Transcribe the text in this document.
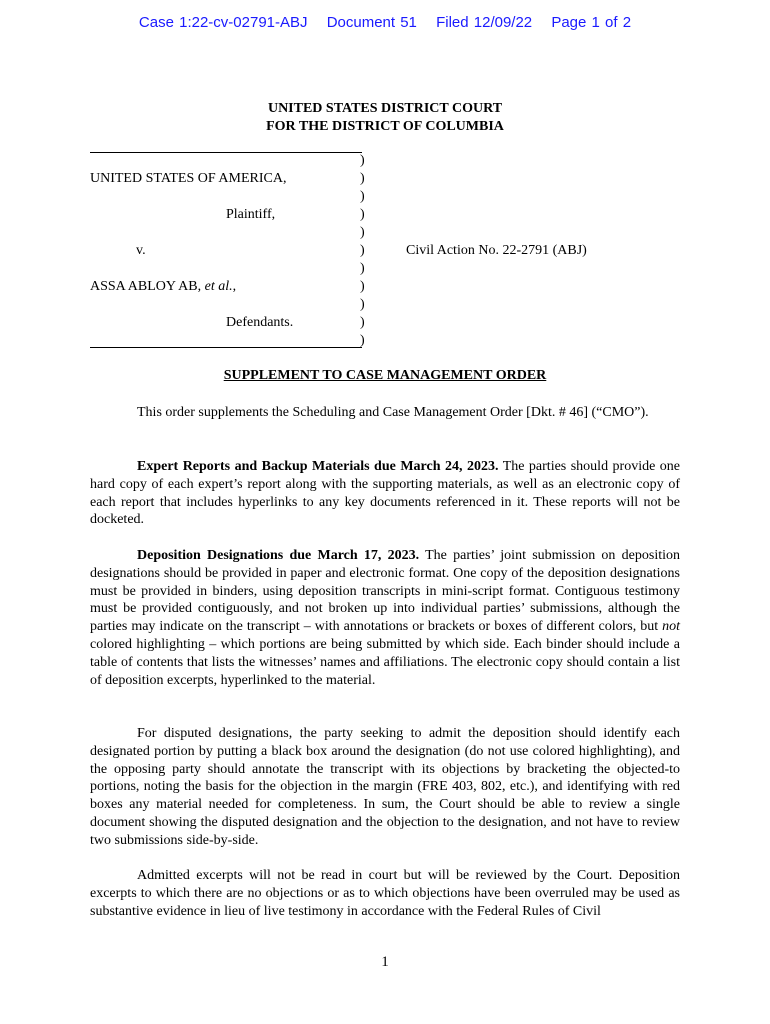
Case 1:22-cv-02791-ABJ Document 51 Filed 12/09/22 Page 1 of 2
UNITED STATES DISTRICT COURT
FOR THE DISTRICT OF COLUMBIA
)
)
)
)
)
)
)
)
)
)
)
UNITED STATES OF AMERICA,
Plaintiff,
v.	Civil Action No. 22-2791 (ABJ)
ASSA ABLOY AB, et al.,
Defendants.
SUPPLEMENT TO CASE MANAGEMENT ORDER
This order supplements the Scheduling and Case Management Order [Dkt. # 46] (“CMO”).
Expert Reports and Backup Materials due March 24, 2023. The parties should provide one hard copy of each expert’s report along with the supporting materials, as well as an electronic copy of each report that includes hyperlinks to any key documents referenced in it. These reports will not be docketed.
Deposition Designations due March 17, 2023. The parties’ joint submission on deposition designations should be provided in paper and electronic format. One copy of the deposition designations must be provided in binders, using deposition transcripts in mini-script format. Contiguous testimony must be provided contiguously, and not broken up into individual parties’ submissions, although the parties may indicate on the transcript – with annotations or brackets or boxes of different colors, but not colored highlighting – which portions are being submitted by which side. Each binder should include a table of contents that lists the witnesses’ names and affiliations. The electronic copy should contain a list of deposition excerpts, hyperlinked to the material.
For disputed designations, the party seeking to admit the deposition should identify each designated portion by putting a black box around the designation (do not use colored highlighting), and the opposing party should annotate the transcript with its objections by bracketing the objected-to portions, noting the basis for the objection in the margin (FRE 403, 802, etc.), and identifying with red boxes any material needed for completeness. In sum, the Court should be able to review a single document showing the disputed designation and the objection to the designation, and not have to review two submissions side-by-side.
Admitted excerpts will not be read in court but will be reviewed by the Court. Deposition excerpts to which there are no objections or as to which objections have been overruled may be used as substantive evidence in lieu of live testimony in accordance with the Federal Rules of Civil
1
